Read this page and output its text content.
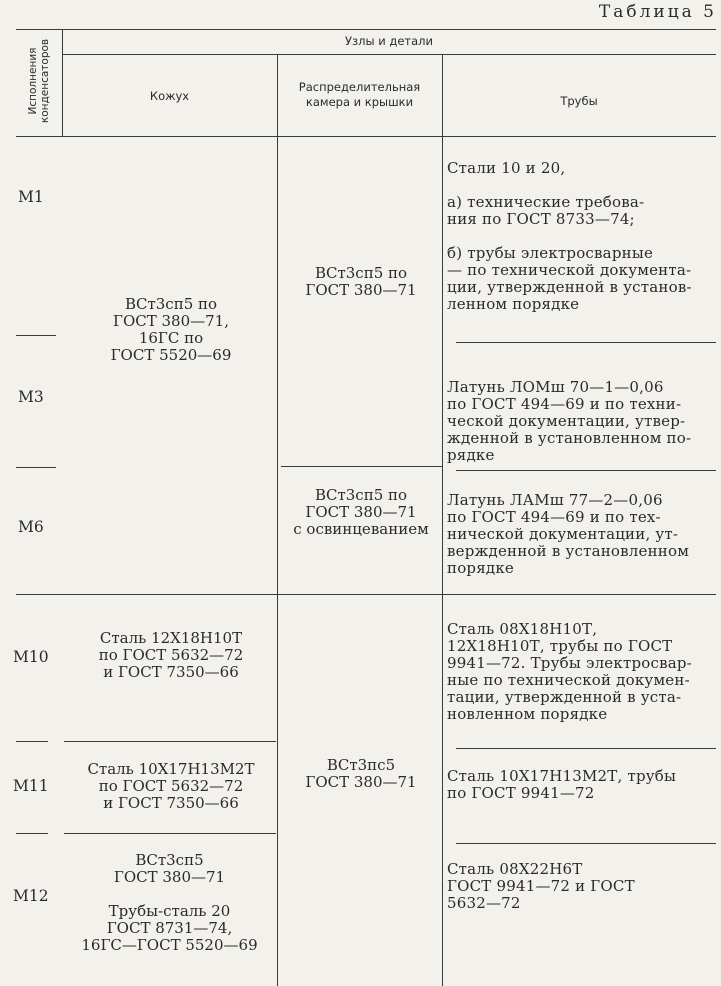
Таблица 5
Исполнения
конденсаторов	Узлы и детали
Кожух
Распределительная
камера и крышки	Трубы
М1
М3
М6
М10
М11
М12
ВСт3сп5 по
ГОСТ 380—71,
16ГС по
ГОСТ 5520—69
Сталь 12Х18Н10Т
по ГОСТ 5632—72
и ГОСТ 7350—66
Сталь 10Х17Н13М2Т
по ГОСТ 5632—72
и ГОСТ 7350—66
ВСт3сп5
ГОСТ 380—71

Трубы-сталь 20
ГОСТ 8731—74,
16ГС—ГОСТ 5520—69
ВСт3сп5 по
ГОСТ 380—71
ВСт3сп5 по
ГОСТ 380—71
с освинцеванием
ВСт3пс5
ГОСТ 380—71
Стали 10 и 20,

а) технические требова-
ния по ГОСТ 8733—74;

б) трубы электросварные
— по технической документа-
ции, утвержденной в установ-
ленном порядке
Латунь ЛОМш 70—1—0,06
по ГОСТ 494—69 и по техни-
ческой документации, утвер-
жденной в установленном по-
рядке
Латунь ЛАМш 77—2—0,06
по ГОСТ 494—69 и по тех-
нической документации, ут-
вержденной в установленном
порядке
Сталь 08Х18Н10Т,
12Х18Н10Т, трубы по ГОСТ
9941—72. Трубы электросвар-
ные по технической докумен-
тации, утвержденной в уста-
новленном порядке
Сталь 10Х17Н13М2Т, трубы
по ГОСТ 9941—72
Сталь 08Х22Н6Т
ГОСТ 9941—72 и ГОСТ
5632—72
